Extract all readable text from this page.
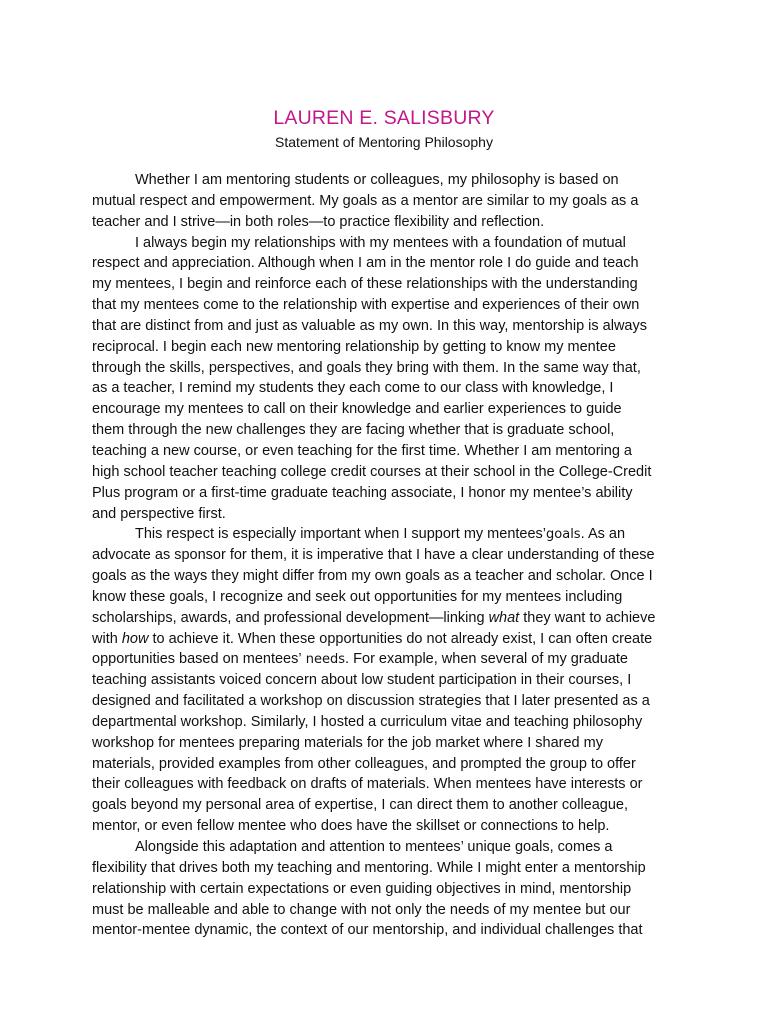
LAUREN E. SALISBURY
Statement of Mentoring Philosophy
Whether I am mentoring students or colleagues, my philosophy is based on
mutual respect and empowerment. My goals as a mentor are similar to my goals as a
teacher and I strive—in both roles—to practice flexibility and reflection.
I always begin my relationships with my mentees with a foundation of mutual
respect and appreciation. Although when I am in the mentor role I do guide and teach
my mentees, I begin and reinforce each of these relationships with the understanding
that my mentees come to the relationship with expertise and experiences of their own
that are distinct from and just as valuable as my own. In this way, mentorship is always
reciprocal. I begin each new mentoring relationship by getting to know my mentee
through the skills, perspectives, and goals they bring with them. In the same way that,
as a teacher, I remind my students they each come to our class with knowledge, I
encourage my mentees to call on their knowledge and earlier experiences to guide
them through the new challenges they are facing whether that is graduate school,
teaching a new course, or even teaching for the first time. Whether I am mentoring a
high school teacher teaching college credit courses at their school in the College-Credit
Plus program or a first-time graduate teaching associate, I honor my mentee’s ability
and perspective first.
This respect is especially important when I support my mentees’goals. As an
advocate as sponsor for them, it is imperative that I have a clear understanding of these
goals as the ways they might differ from my own goals as a teacher and scholar. Once I
know these goals, I recognize and seek out opportunities for my mentees including
scholarships, awards, and professional development—linking what they want to achieve
with how to achieve it. When these opportunities do not already exist, I can often create
opportunities based on mentees’ needs. For example, when several of my graduate
teaching assistants voiced concern about low student participation in their courses, I
designed and facilitated a workshop on discussion strategies that I later presented as a
departmental workshop. Similarly, I hosted a curriculum vitae and teaching philosophy
workshop for mentees preparing materials for the job market where I shared my
materials, provided examples from other colleagues, and prompted the group to offer
their colleagues with feedback on drafts of materials. When mentees have interests or
goals beyond my personal area of expertise, I can direct them to another colleague,
mentor, or even fellow mentee who does have the skillset or connections to help.
Alongside this adaptation and attention to mentees’ unique goals, comes a
flexibility that drives both my teaching and mentoring. While I might enter a mentorship
relationship with certain expectations or even guiding objectives in mind, mentorship
must be malleable and able to change with not only the needs of my mentee but our
mentor-mentee dynamic, the context of our mentorship, and individual challenges that
